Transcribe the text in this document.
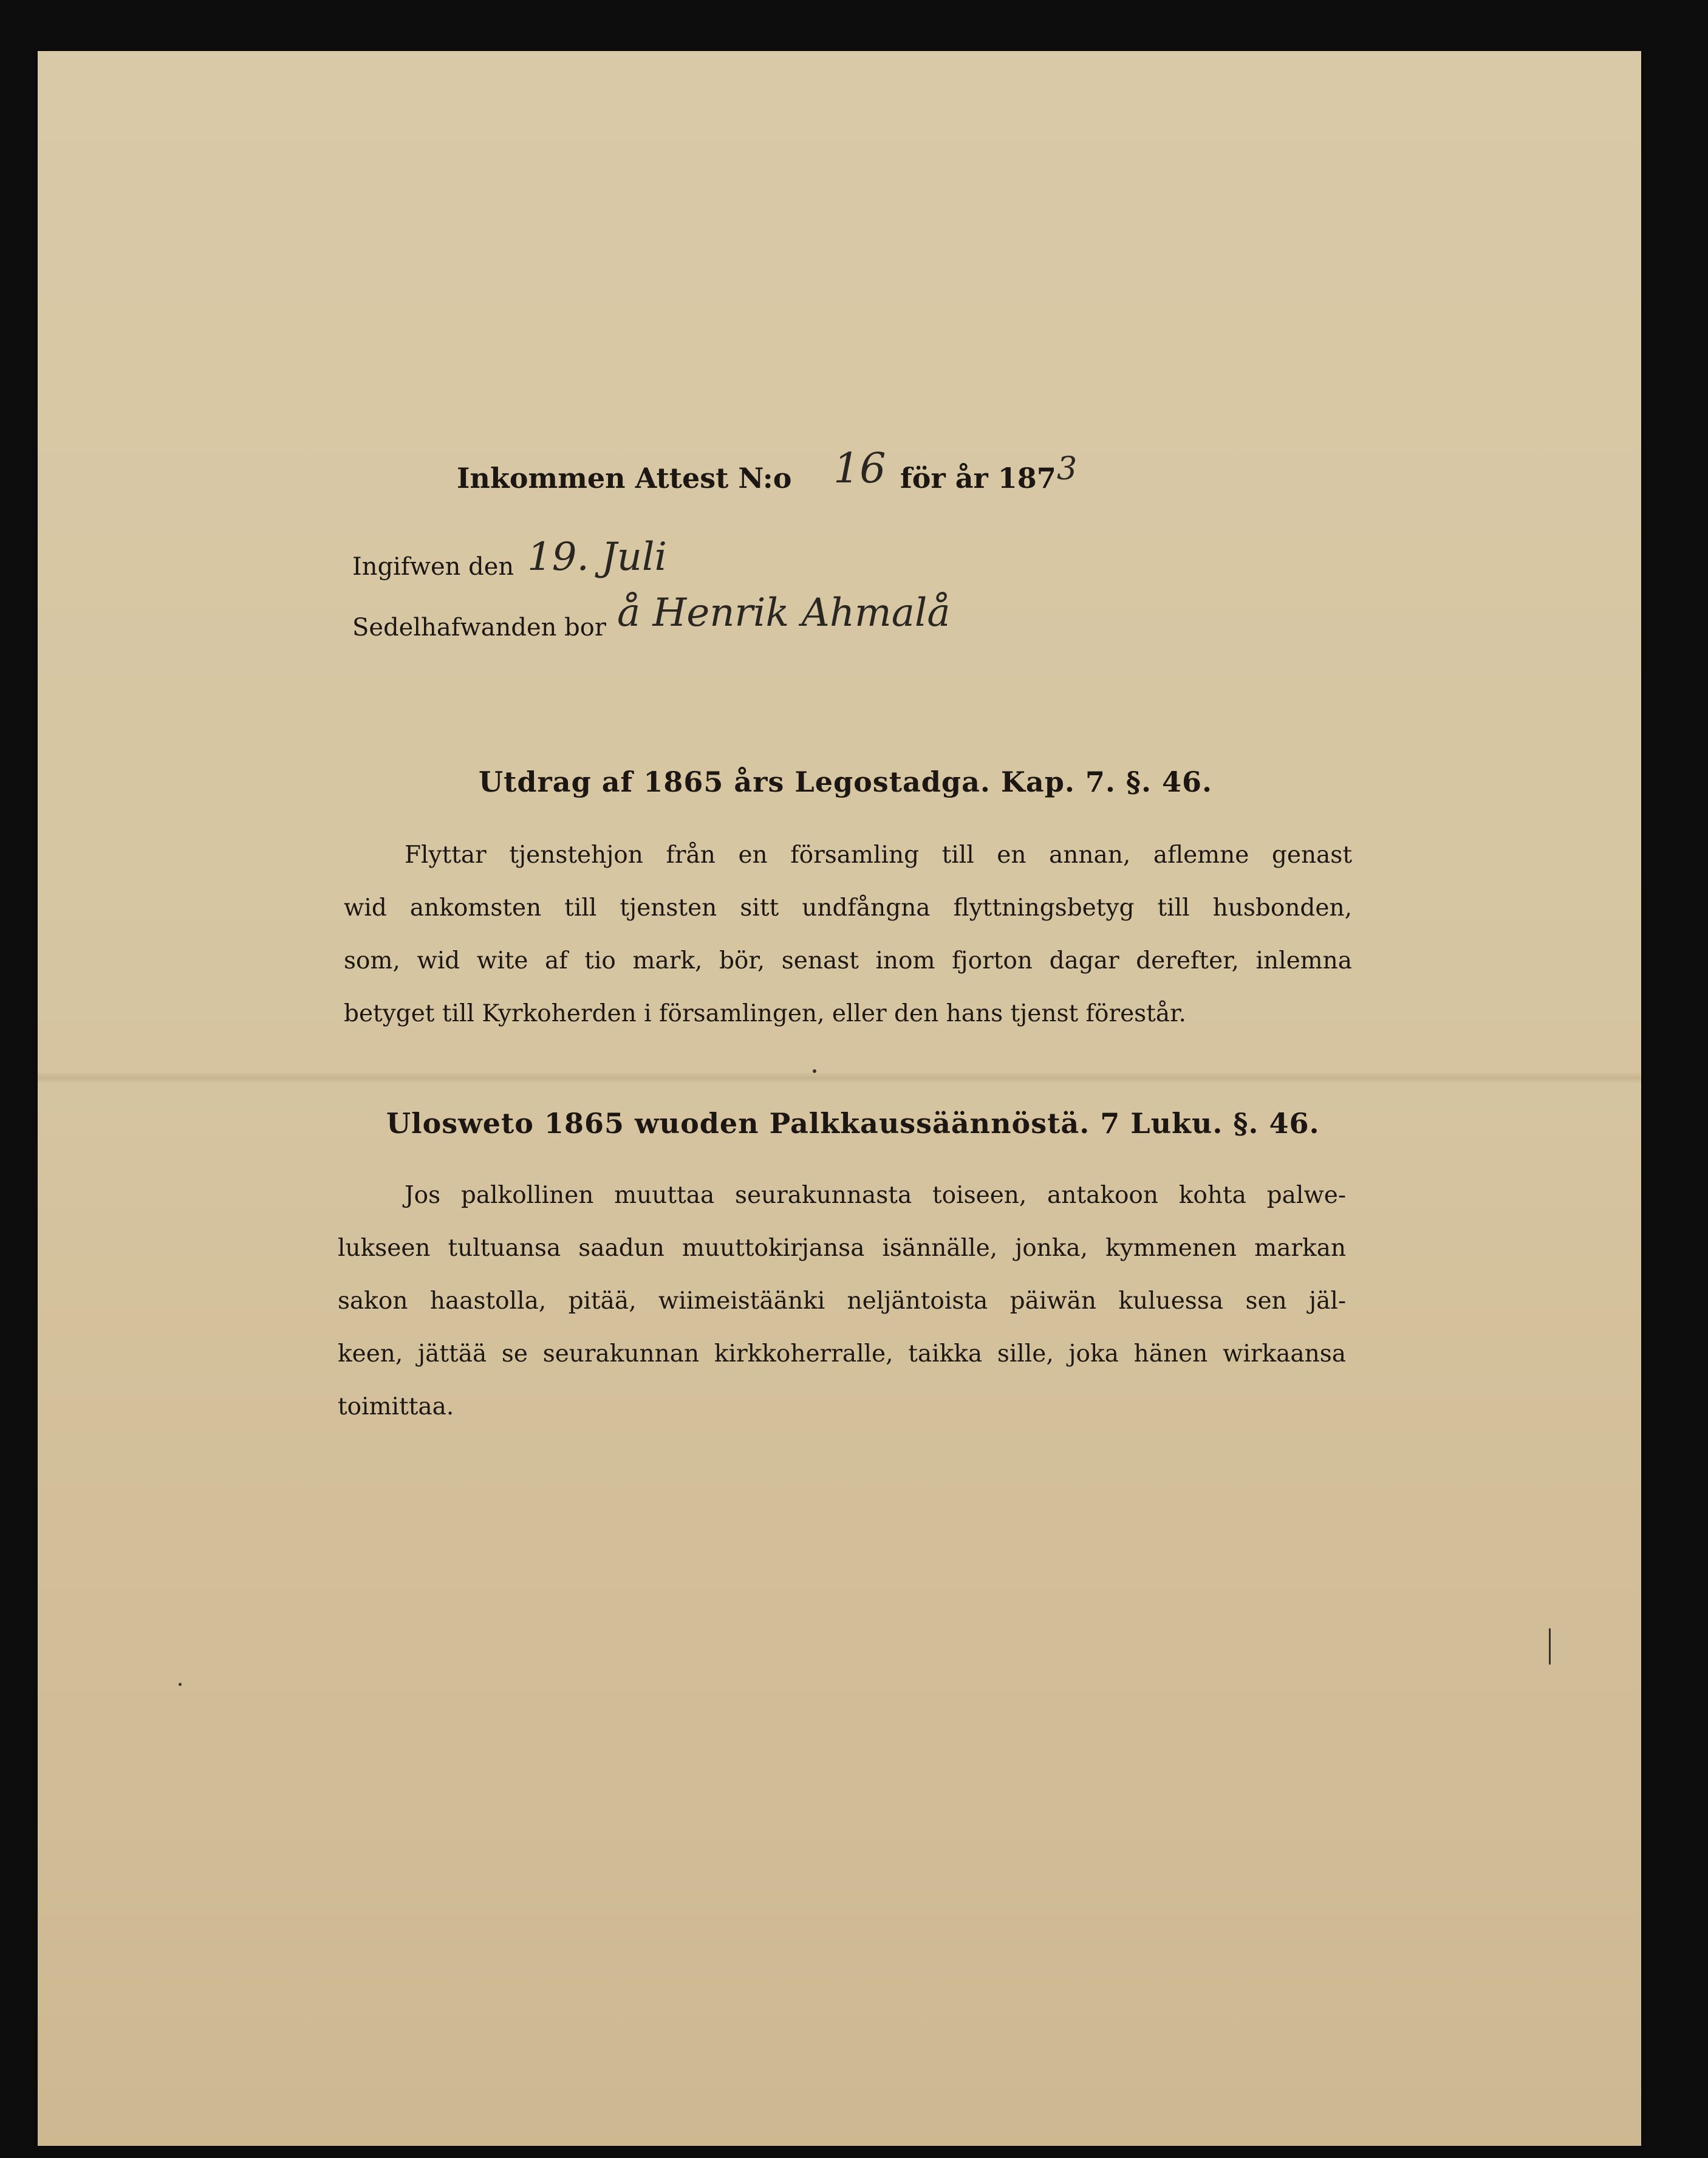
Inkommen Attest N:o 16 för år 187 3

Ingifwen den 19. Juli

Sedelhafwanden bor å Henrik Ahmalå

Utdrag af 1865 års Legostadga. Kap. 7. §. 46.

Flyttar tjenstehjon från en församling till en annan, aflemne genast
wid ankomsten till tjensten sitt undfångna flyttningsbetyg till husbonden,
som, wid wite af tio mark, bör, senast inom fjorton dagar derefter, inlemna
betyget till Kyrkoherden i församlingen, eller den hans tjenst förestår.

Ulosweto 1865 wuoden Palkkaussäännöstä. 7 Luku. §. 46.

Jos palkollinen muuttaa seurakunnasta toiseen, antakoon kohta palwe-
lukseen tultuansa saadun muuttokirjansa isännälle, jonka, kymmenen markan
sakon haastolla, pitää, wiimeistäänki neljäntoista päiwän kuluessa sen jäl-
keen, jättää se seurakunnan kirkkoherralle, taikka sille, joka hänen wirkaansa
toimittaa.
